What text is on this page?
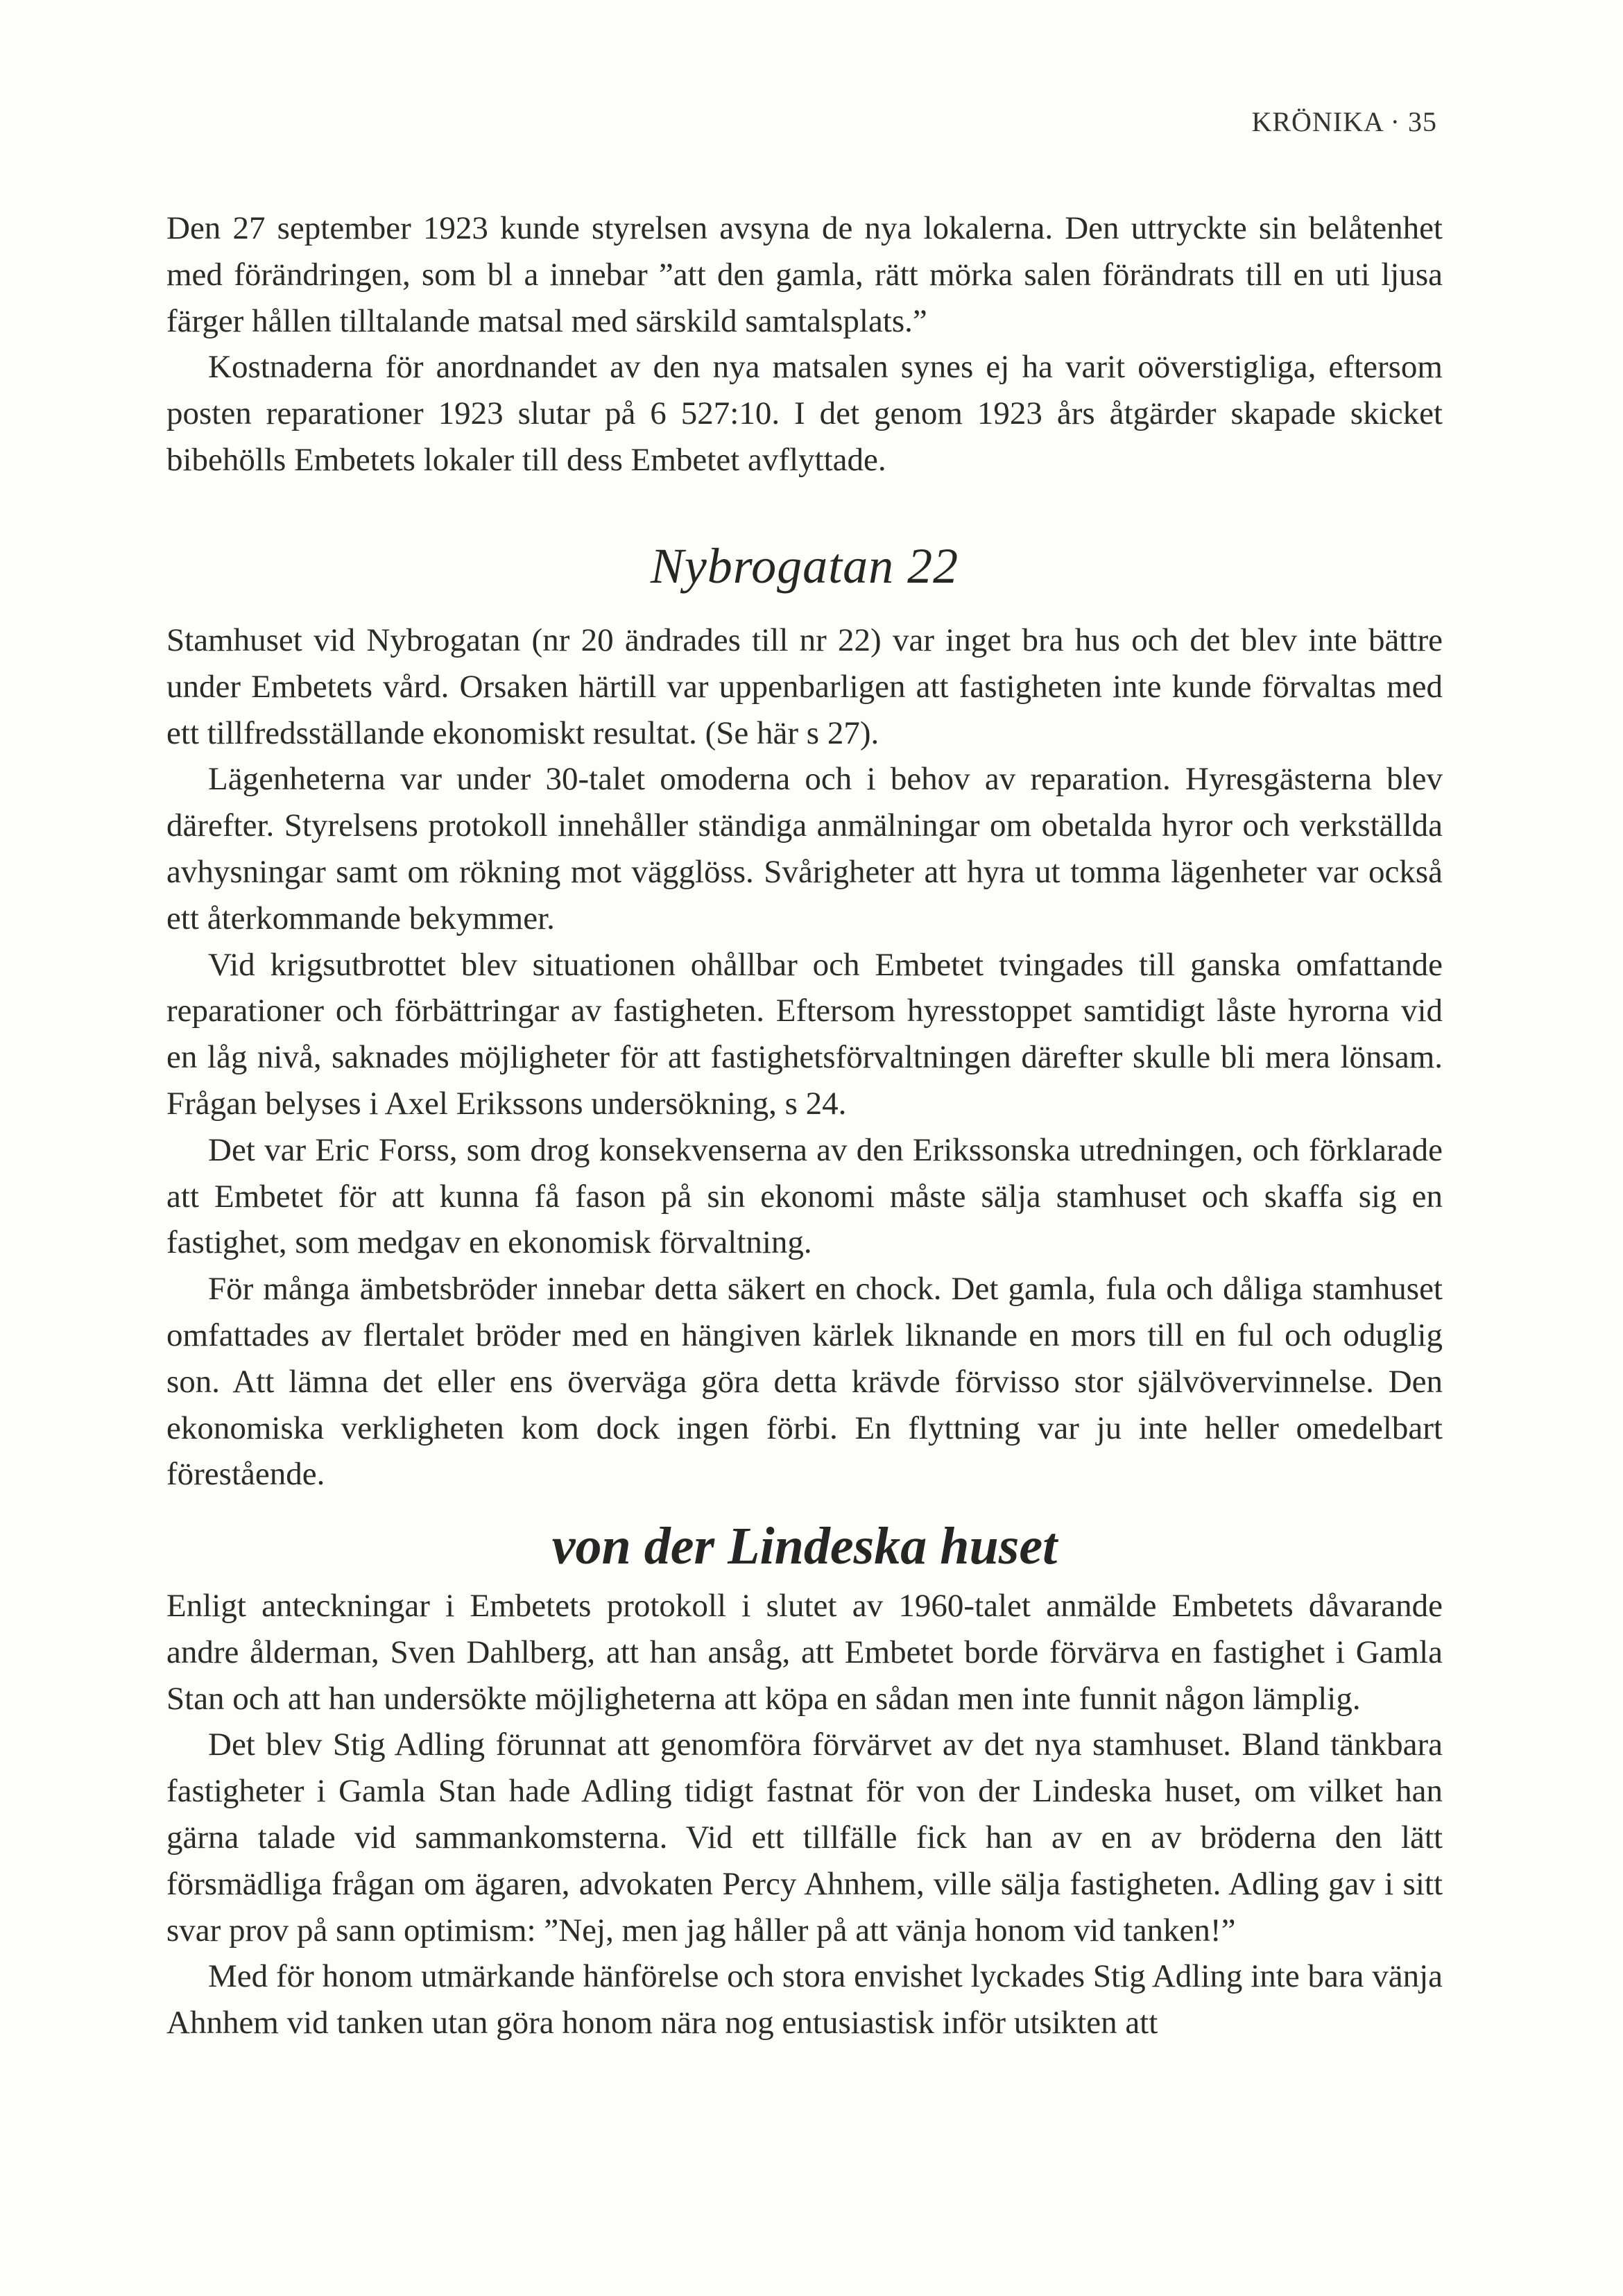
KRÖNIKA · 35

Den 27 september 1923 kunde styrelsen avsyna de nya lokalerna. Den uttryckte sin belåtenhet med förändringen, som bl a innebar ”att den gamla, rätt mörka salen förändrats till en uti ljusa färger hållen tilltalande matsal med särskild samtalsplats.”

Kostnaderna för anordnandet av den nya matsalen synes ej ha varit oöverstigliga, eftersom posten reparationer 1923 slutar på 6 527:10. I det genom 1923 års åtgärder skapade skicket bibehölls Embetets lokaler till dess Embetet avflyttade.

Nybrogatan 22

Stamhuset vid Nybrogatan (nr 20 ändrades till nr 22) var inget bra hus och det blev inte bättre under Embetets vård. Orsaken härtill var uppenbarligen att fastigheten inte kunde förvaltas med ett tillfredsställande ekonomiskt resultat. (Se här s 27).

Lägenheterna var under 30-talet omoderna och i behov av reparation. Hyresgästerna blev därefter. Styrelsens protokoll innehåller ständiga anmälningar om obetalda hyror och verkställda avhysningar samt om rökning mot vägglöss. Svårigheter att hyra ut tomma lägenheter var också ett återkommande bekymmer.

Vid krigsutbrottet blev situationen ohållbar och Embetet tvingades till ganska omfattande reparationer och förbättringar av fastigheten. Eftersom hyresstoppet samtidigt låste hyrorna vid en låg nivå, saknades möjligheter för att fastighetsförvaltningen därefter skulle bli mera lönsam. Frågan belyses i Axel Erikssons undersökning, s 24.

Det var Eric Forss, som drog konsekvenserna av den Erikssonska utredningen, och förklarade att Embetet för att kunna få fason på sin ekonomi måste sälja stamhuset och skaffa sig en fastighet, som medgav en ekonomisk förvaltning.

För många ämbetsbröder innebar detta säkert en chock. Det gamla, fula och dåliga stamhuset omfattades av flertalet bröder med en hängiven kärlek liknande en mors till en ful och oduglig son. Att lämna det eller ens överväga göra detta krävde förvisso stor självövervinnelse. Den ekonomiska verkligheten kom dock ingen förbi. En flyttning var ju inte heller omedelbart förestående.

von der Lindeska huset

Enligt anteckningar i Embetets protokoll i slutet av 1960-talet anmälde Embetets dåvarande andre ålderman, Sven Dahlberg, att han ansåg, att Embetet borde förvärva en fastighet i Gamla Stan och att han undersökte möjligheterna att köpa en sådan men inte funnit någon lämplig.

Det blev Stig Adling förunnat att genomföra förvärvet av det nya stamhuset. Bland tänkbara fastigheter i Gamla Stan hade Adling tidigt fastnat för von der Lindeska huset, om vilket han gärna talade vid sammankomsterna. Vid ett tillfälle fick han av en av bröderna den lätt försmädliga frågan om ägaren, advokaten Percy Ahnhem, ville sälja fastigheten. Adling gav i sitt svar prov på sann optimism: ”Nej, men jag håller på att vänja honom vid tanken!”

Med för honom utmärkande hänförelse och stora envishet lyckades Stig Adling inte bara vänja Ahnhem vid tanken utan göra honom nära nog entusiastisk inför utsikten att
